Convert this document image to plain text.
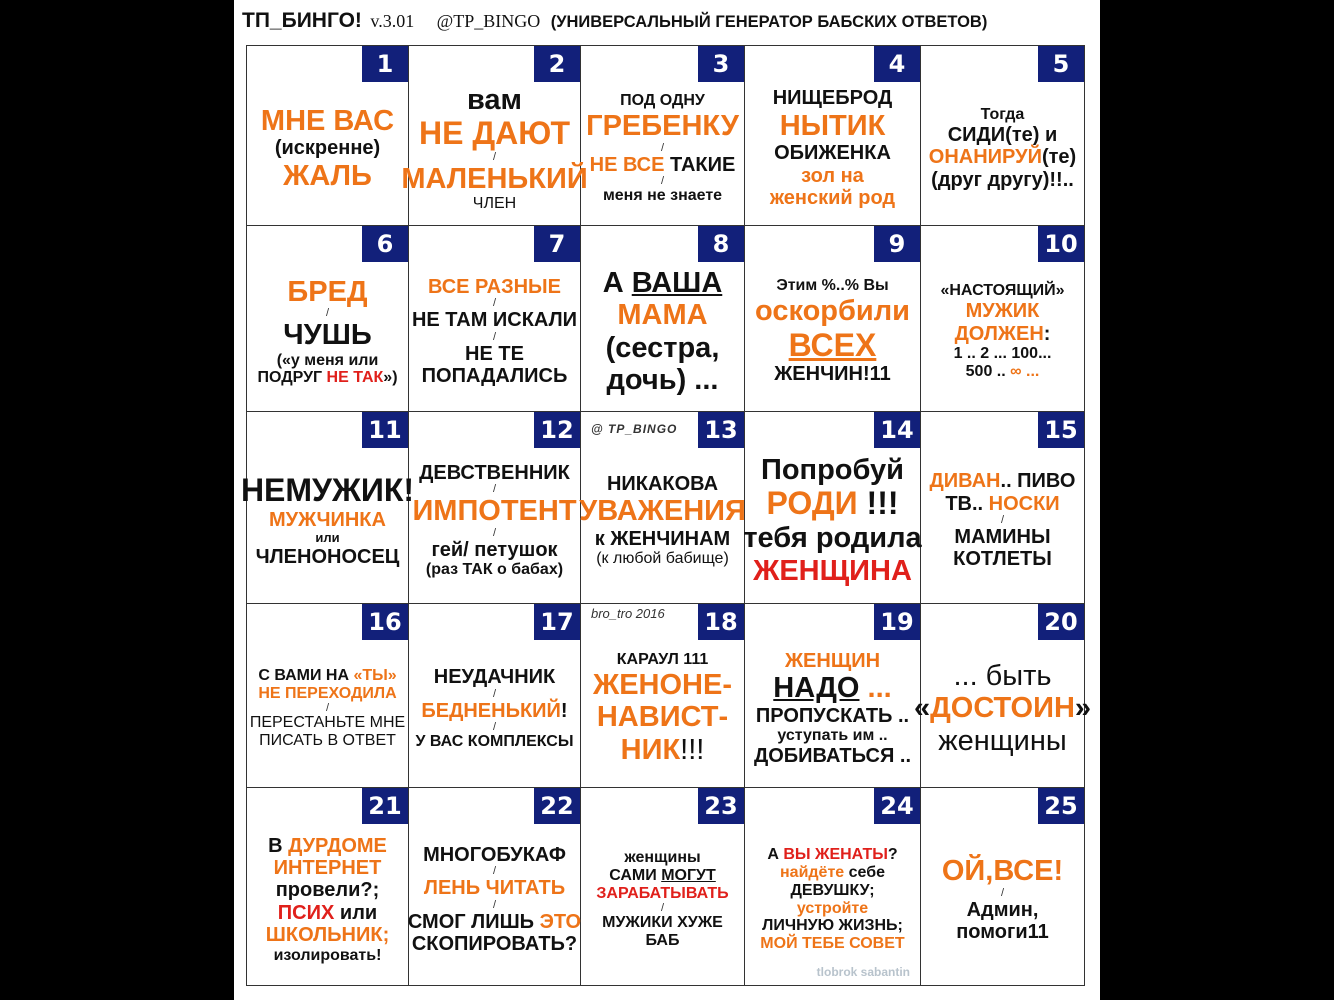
ТП_БИНГО! v.3.01 @TP_BINGO (УНИВЕРСАЛЬНЫЙ ГЕНЕРАТОР БАБСКИХ ОТВЕТОВ)
1
МНЕ ВАС
(искренне)
ЖАЛЬ
2
вам
НЕ ДАЮТ
/
МАЛЕНЬКИЙ
ЧЛЕН
3
ПОД ОДНУ
ГРЕБЕНКУ
/
НЕ ВСЕ ТАКИЕ
/
меня не знаете
4
НИЩЕБРОД
НЫТИК
ОБИЖЕНКА
зол на
женский род
5
Тогда
СИДИ(те) и
ОНАНИРУЙ(те)
(друг другу)!!..
6
БРЕД
/
ЧУШЬ
(«у меня или
ПОДРУГ НЕ ТАК»)
7
ВСЕ РАЗНЫЕ
/
НЕ ТАМ ИСКАЛИ
/
НЕ ТЕ
ПОПАДАЛИСЬ
8
А ВАША
МАМА
(сестра,
дочь) ...
9
Этим %..% Вы
оскорбили
ВСЕХ
ЖЕНЧИН!11
10
«НАСТОЯЩИЙ»
МУЖИК
ДОЛЖЕН:
1 .. 2 ... 100...
500 .. ∞ ...
11
НЕМУЖИК!
МУЖЧИНКА
или
ЧЛЕНОНОСЕЦ
12
ДЕВСТВЕННИК
/
ИМПОТЕНТ
/
гей/ петушок
(раз ТАК о бабах)
13
@ TP_BINGO
НИКАКОВА
УВАЖЕНИЯ
к ЖЕНЧИНАМ
(к любой бабище)
14
Попробуй
РОДИ !!!
тебя родила
ЖЕНЩИНА
15
ДИВАН.. ПИВО
ТВ.. НОСКИ
/
МАМИНЫ
КОТЛЕТЫ
16
С ВАМИ НА «ТЫ»
НЕ ПЕРЕХОДИЛА
/
ПЕРЕСТАНЬТЕ МНЕ
ПИСАТЬ В ОТВЕТ
17
НЕУДАЧНИК
/
БЕДНЕНЬКИЙ!
/
У ВАС КОМПЛЕКСЫ
18
bro_tro 2016
КАРАУЛ 111
ЖЕНОНЕ-
НАВИСТ-
НИК!!!
19
ЖЕНЩИН
НАДО ...
ПРОПУСКАТЬ ..
уступать им ..
ДОБИВАТЬСЯ ..
20
... быть
«ДОСТОИН»
женщины
21
В ДУРДОМЕ
ИНТЕРНЕТ
провели?;
ПСИХ или
ШКОЛЬНИК;
изолировать!
22
МНОГОБУКАФ
/
ЛЕНЬ ЧИТАТЬ
/
СМОГ ЛИШЬ ЭТО
СКОПИРОВАТЬ?
23
женщины
САМИ МОГУТ
ЗАРАБАТЫВАТЬ
/
МУЖИКИ ХУЖЕ
БАБ
24
А ВЫ ЖЕНАТЫ?
найдёте себе
ДЕВУШКУ;
устройте
ЛИЧНУЮ ЖИЗНЬ;
МОЙ ТЕБЕ СОВЕТ
tlobrok sabantin
25
ОЙ,ВСЕ!
/
Админ,
помоги11
